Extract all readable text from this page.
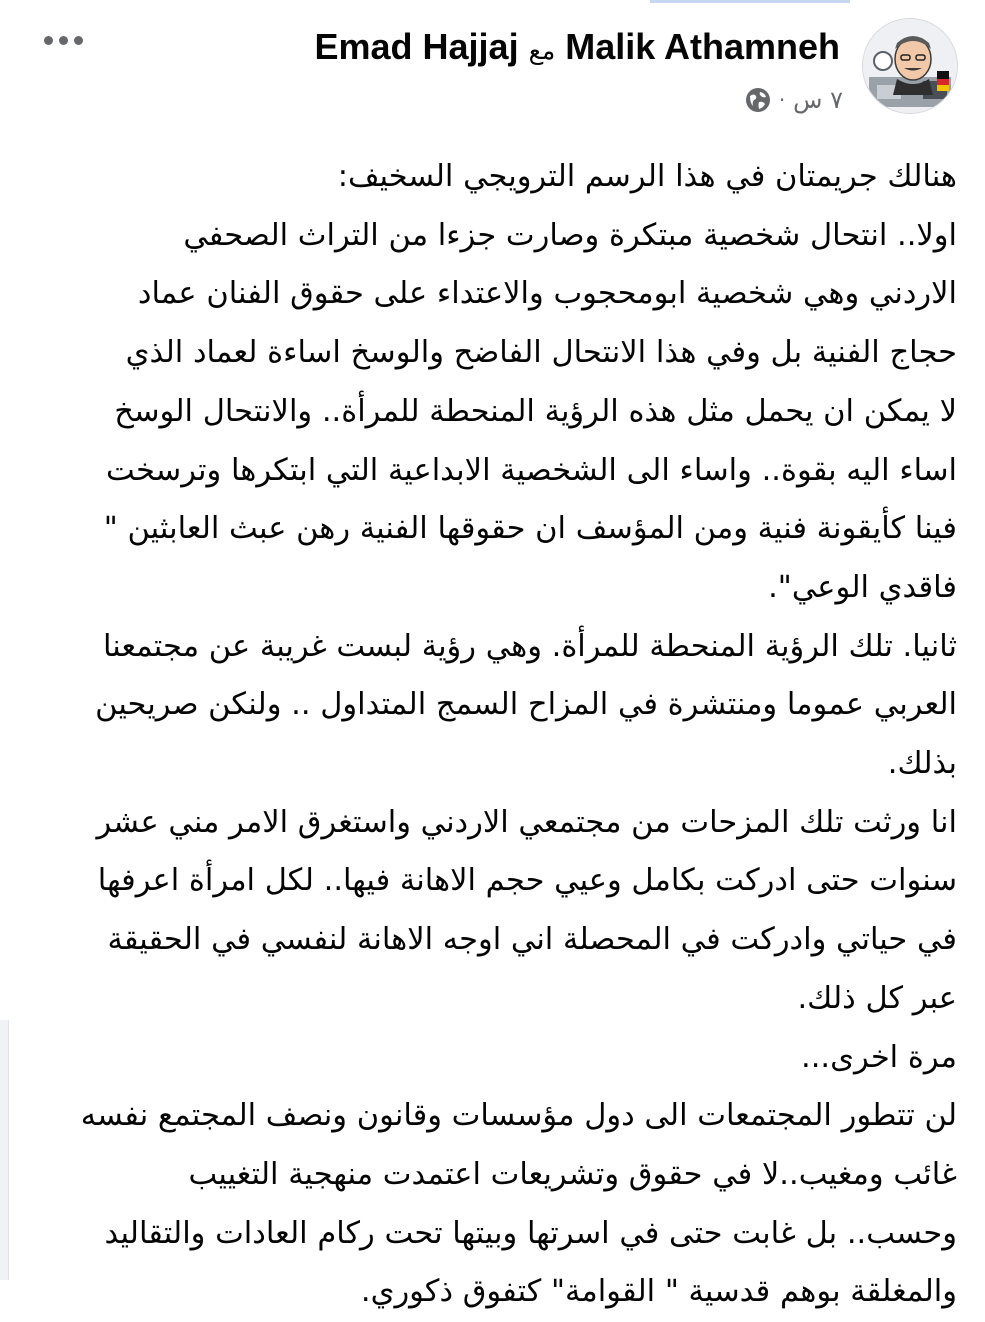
Emad Hajjaj مع Malik Athamneh
٧ س
·
هنالك جريمتان في هذا الرسم الترويجي السخيف:
اولا.. انتحال شخصية مبتكرة وصارت جزءا من التراث الصحفي
الاردني وهي شخصية ابومحجوب والاعتداء على حقوق الفنان عماد
حجاج الفنية بل وفي هذا الانتحال الفاضح والوسخ اساءة لعماد الذي
لا يمكن ان يحمل مثل هذه الرؤية المنحطة للمرأة.. والانتحال الوسخ
اساء اليه بقوة.. واساء الى الشخصية الابداعية التي ابتكرها وترسخت
فينا كأيقونة فنية ومن المؤسف ان حقوقها الفنية رهن عبث العابثين "
فاقدي الوعي".
ثانيا. تلك الرؤية المنحطة للمرأة. وهي رؤية لبست غريبة عن مجتمعنا
العربي عموما ومنتشرة في المزاح السمج المتداول .. ولنكن صريحين
بذلك.
انا ورثت تلك المزحات من مجتمعي الاردني واستغرق الامر مني عشر
سنوات حتى ادركت بكامل وعيي حجم الاهانة فيها.. لكل امرأة اعرفها
في حياتي وادركت في المحصلة اني اوجه الاهانة لنفسي في الحقيقة
عبر كل ذلك.
مرة اخرى...
لن تتطور المجتمعات الى دول مؤسسات وقانون ونصف المجتمع نفسه
غائب ومغيب..لا في حقوق وتشريعات اعتمدت منهجية التغييب
وحسب.. بل غابت حتى في اسرتها وبيتها تحت ركام العادات والتقاليد
والمغلقة بوهم قدسية " القوامة" كتفوق ذكوري.
